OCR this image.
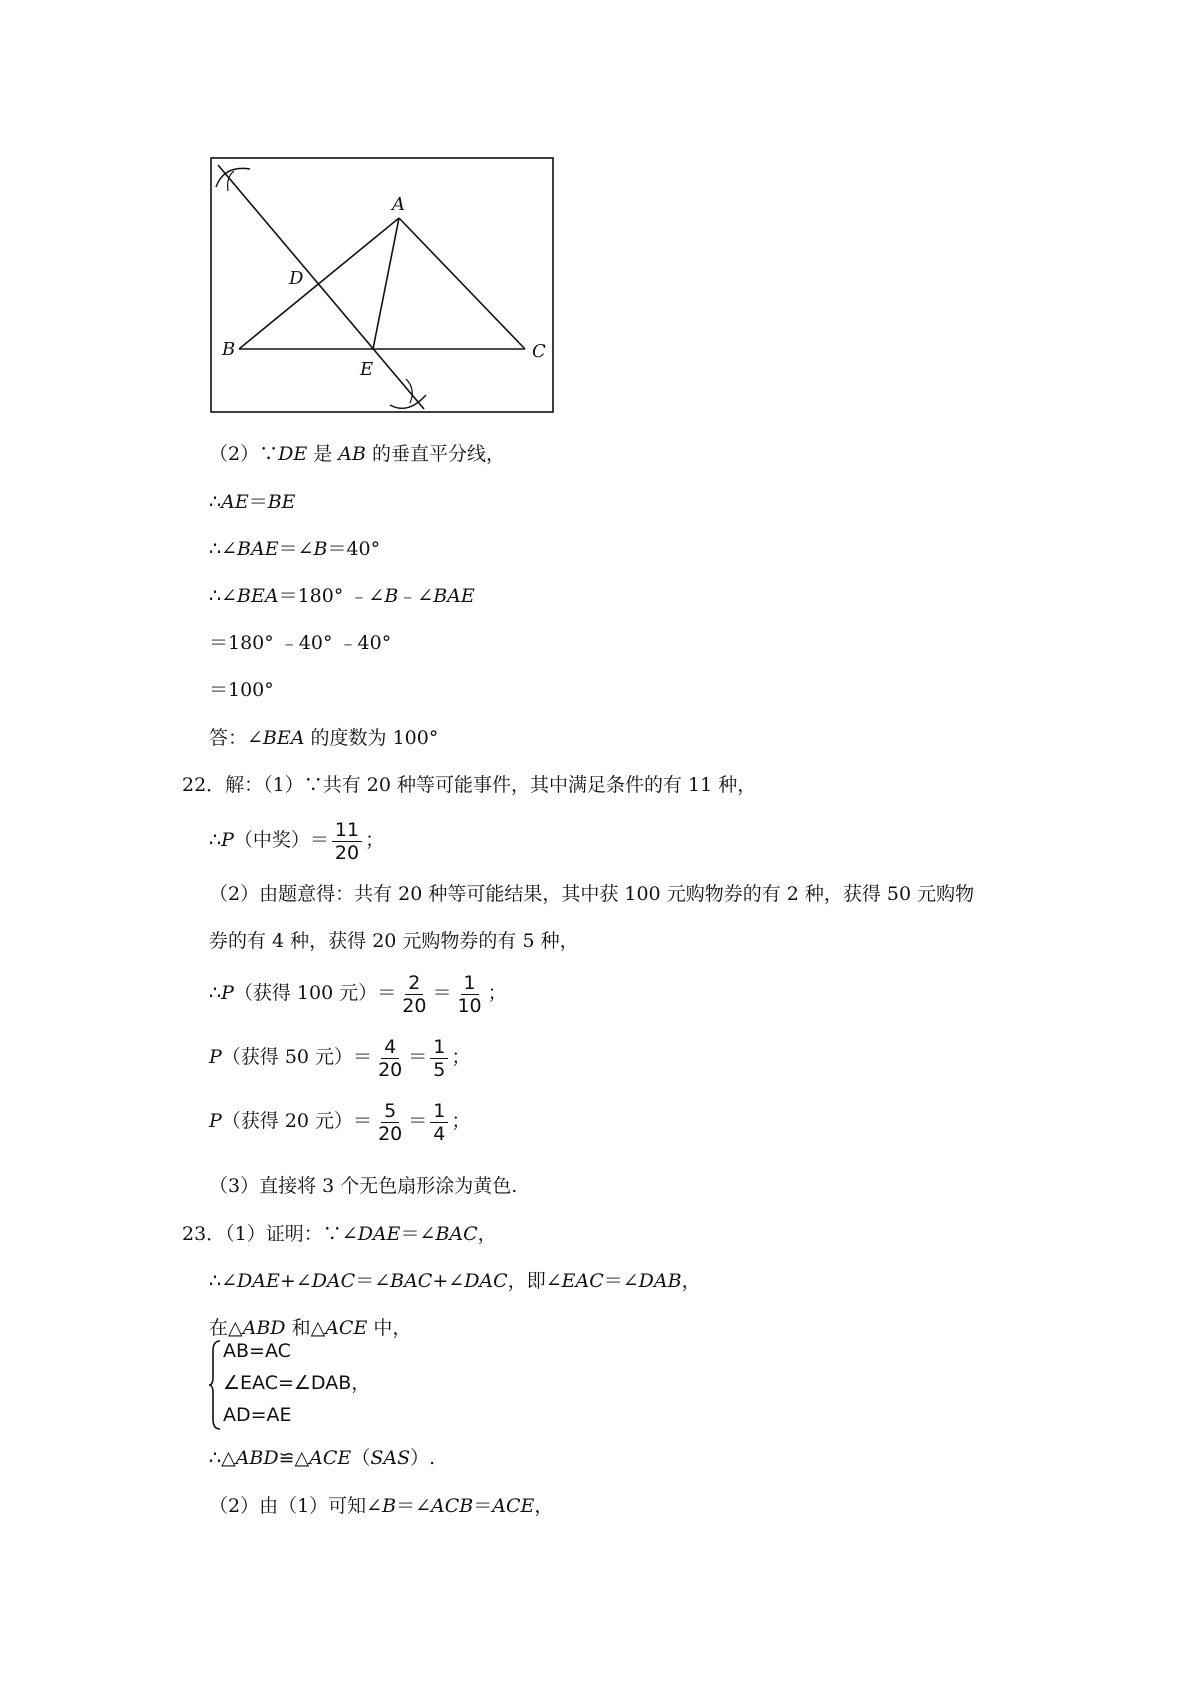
A
D
B
E
C
（2）∵DE 是 AB 的垂直平分线，
∴AE＝BE
∴∠BAE＝∠B＝40°
∴∠BEA＝180° ﹣∠B﹣∠BAE
＝180° ﹣40° ﹣40°
＝100°
答：∠BEA 的度数为 100°
22．解：（1）∵共有 20 种等可能事件，其中满足条件的有 11 种，
∴P（中奖）＝ $\frac{11}{20}$ ；
（2）由题意得：共有 20 种等可能结果，其中获 100 元购物券的有 2 种，获得 50 元购物
券的有 4 种，获得 20 元购物券的有 5 种，
∴P（获得 100 元）＝ $\frac{2}{20} = \frac{1}{10}$ ；
P（获得 50 元）＝ $\frac{4}{20} = \frac{1}{5}$ ；
P（获得 20 元）＝ $\frac{5}{20} = \frac{1}{4}$ ；
（3）直接将 3 个无色扇形涂为黄色.
23．（1）证明：∵∠DAE＝∠BAC，
∴∠DAE+∠DAC＝∠BAC+∠DAC，即∠EAC＝∠DAB，
在△ABD 和△ACE 中，
AB=AC
∠EAC=∠DAB，
AD=AE
∴△ABD≌△ACE（SAS）.
（2）由（1）可知∠B＝∠ACB＝ACE，
